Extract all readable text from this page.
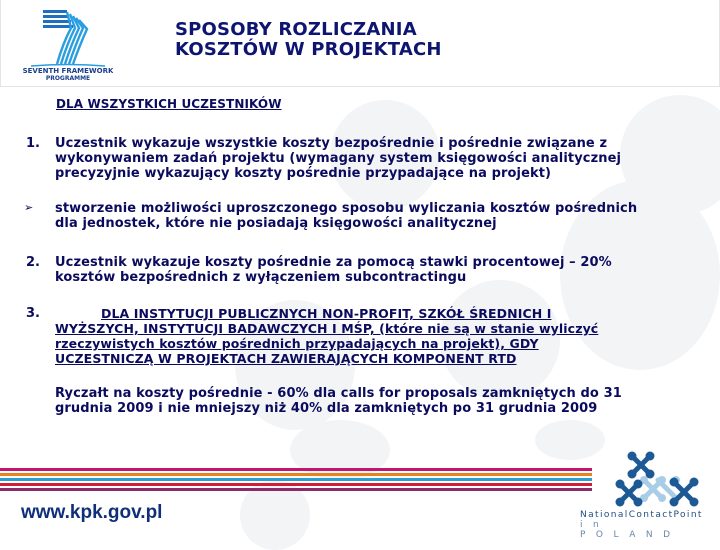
SEVENTH FRAMEWORK
PROGRAMME
SPOSOBY ROZLICZANIA
KOSZTÓW W PROJEKTACH
DLA WSZYSTKICH UCZESTNIKÓW
1. Uczestnik wykazuje wszystkie koszty bezpośrednie i pośrednie związane z
wykonywaniem zadań projektu (wymagany system księgowości analitycznej
precyzyjnie wykazujący koszty pośrednie przypadające na projekt)
➢ stworzenie możliwości uproszczonego sposobu wyliczania kosztów pośrednich
dla jednostek, które nie posiadają księgowości analitycznej
2. Uczestnik wykazuje koszty pośrednie za pomocą stawki procentowej – 20%
kosztów bezpośrednich z wyłączeniem subcontractingu
3.	DLA INSTYTUCJI PUBLICZNYCH NON-PROFIT, SZKÓŁ ŚREDNICH I
WYŻSZYCH, INSTYTUCJI BADAWCZYCH I MŚP, (które nie są w stanie wyliczyć
rzeczywistych kosztów pośrednich przypadających na projekt), GDY
UCZESTNICZĄ W PROJEKTACH ZAWIERAJĄCYCH KOMPONENT RTD
Ryczałt na koszty pośrednie - 60% dla calls for proposals zamkniętych do 31
grudnia 2009 i nie mniejszy niż 40% dla zamkniętych po 31 grudnia 2009
www.kpk.gov.pl	NationalContactPoint
in POLAND
